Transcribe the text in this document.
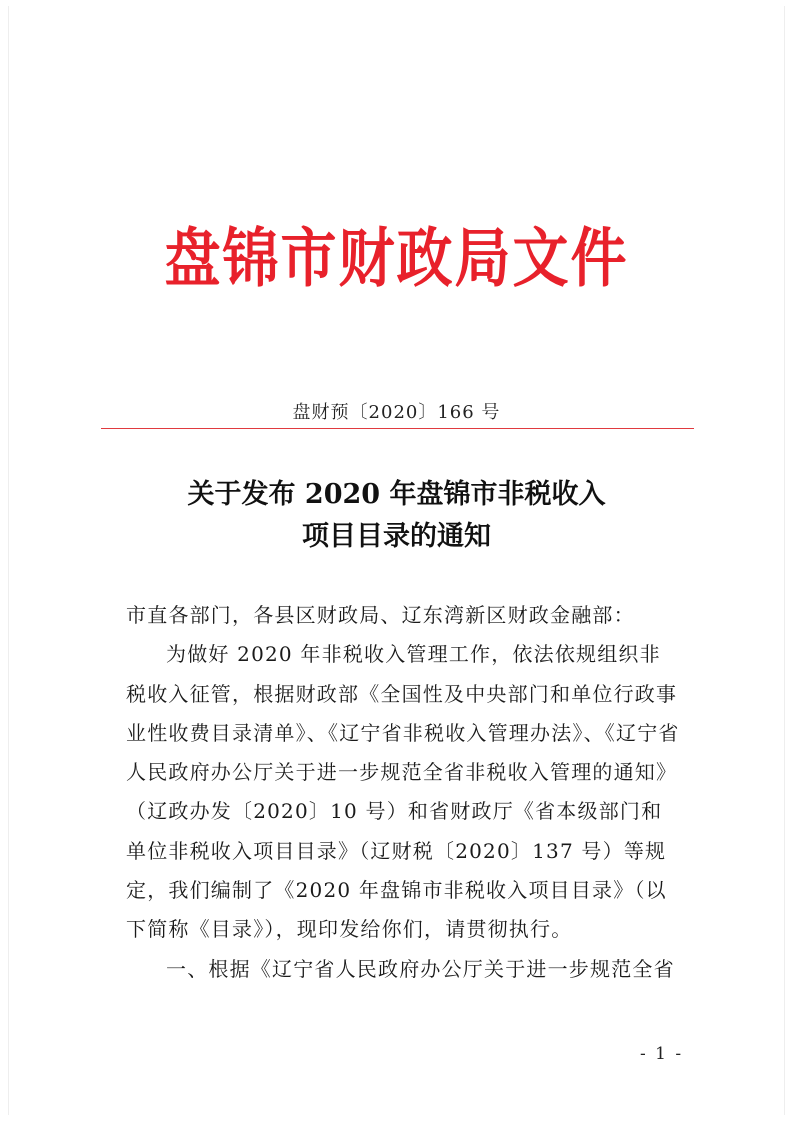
盘锦市财政局文件
盘财预〔2020〕166 号
关于发布 2020 年盘锦市非税收入
项目目录的通知

市直各部门，各县区财政局、辽东湾新区财政金融部：

为做好 2020 年非税收入管理工作，依法依规组织非税收入征管，根据财政部《全国性及中央部门和单位行政事业性收费目录清单》、《辽宁省非税收入管理办法》、《辽宁省人民政府办公厅关于进一步规范全省非税收入管理的通知》（辽政办发〔2020〕10 号）和省财政厅《省本级部门和单位非税收入项目目录》（辽财税〔2020〕137 号）等规定，我们编制了《2020 年盘锦市非税收入项目目录》（以下简称《目录》），现印发给你们，请贯彻执行。

一、根据《辽宁省人民政府办公厅关于进一步规范全省

- 1 -
